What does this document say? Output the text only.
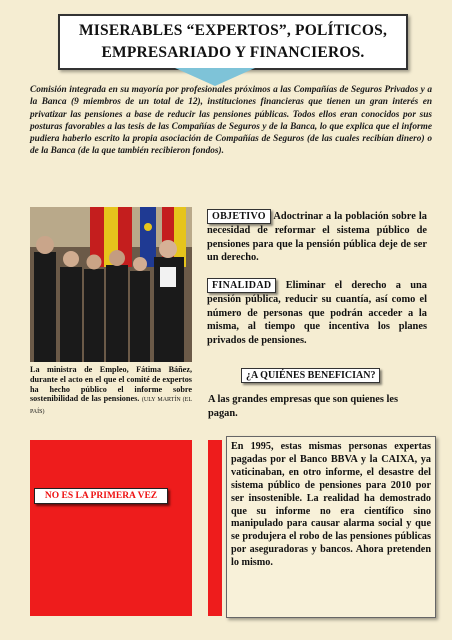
MISERABLES “EXPERTOS”, POLÍTICOS,
EMPRESARIADO Y FINANCIEROS.
Comisión integrada en su mayoría por profesionales próximos a las Compañías de Seguros Privados y a la Banca (9 miembros de un total de 12), instituciones financieras que tienen un gran interés en privatizar las pensiones a base de reducir las pensiones públicas. Todos ellos eran conocidos por sus posturas favorables a las tesis de las Compañías de Seguros y de la Banca, lo que explica que el informe pudiera haberlo escrito la propia asociación de Compañías de Seguros (de las cuales recibían dinero) o de la Banca (de la que también recibieron fondos).
La ministra de Empleo, Fátima Báñez, durante el acto en el que el comité de expertos ha hecho público el informe sobre sostenibilidad de las pensiones. (ULY MARTÍN (EL PAÍS)
OBJETIVO Adoctrinar a la población sobre la necesidad de reformar el sistema público de pensiones para que la pensión pública deje de ser un derecho.
FINALIDAD Eliminar el derecho a una pensión pública, reducir su cuantía, así como el número de personas que podrán acceder a la misma, al tiempo que incentiva los planes privados de pensiones.
¿A QUIÉNES BENEFICIAN?
A las grandes empresas que son quienes les pagan.
NO ES LA PRIMERA VEZ
En 1995, estas mismas personas expertas pagadas por el Banco BBVA y la CAIXA, ya vaticinaban, en otro informe, el desastre del sistema público de pensiones para 2010 por ser insostenible. La realidad ha demostrado que su informe no era científico sino manipulado para causar alarma social y que se produjera el robo de las pensiones públicas por aseguradoras y bancos. Ahora pretenden lo mismo.
